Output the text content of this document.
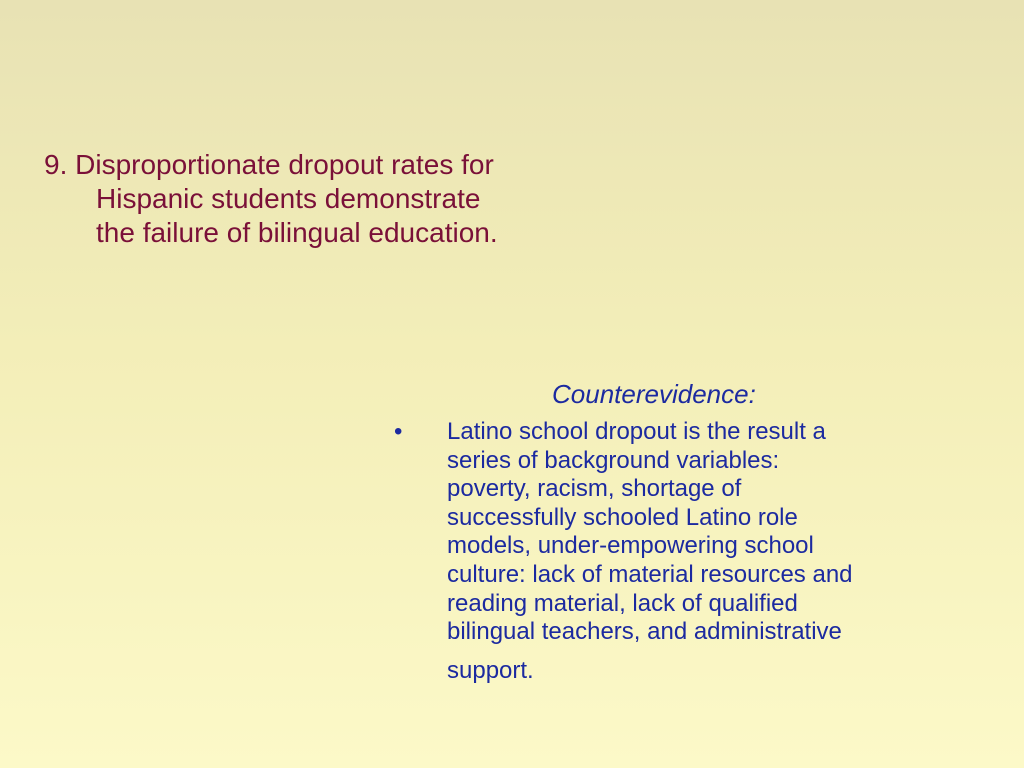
9. Disproportionate dropout rates for
Hispanic students demonstrate
the failure of bilingual education.
Counterevidence:
• Latino school dropout is the result a
series of background variables:
poverty, racism, shortage of
successfully schooled Latino role
models, under-empowering school
culture: lack of material resources and
reading material, lack of qualified
bilingual teachers, and administrative
support.
